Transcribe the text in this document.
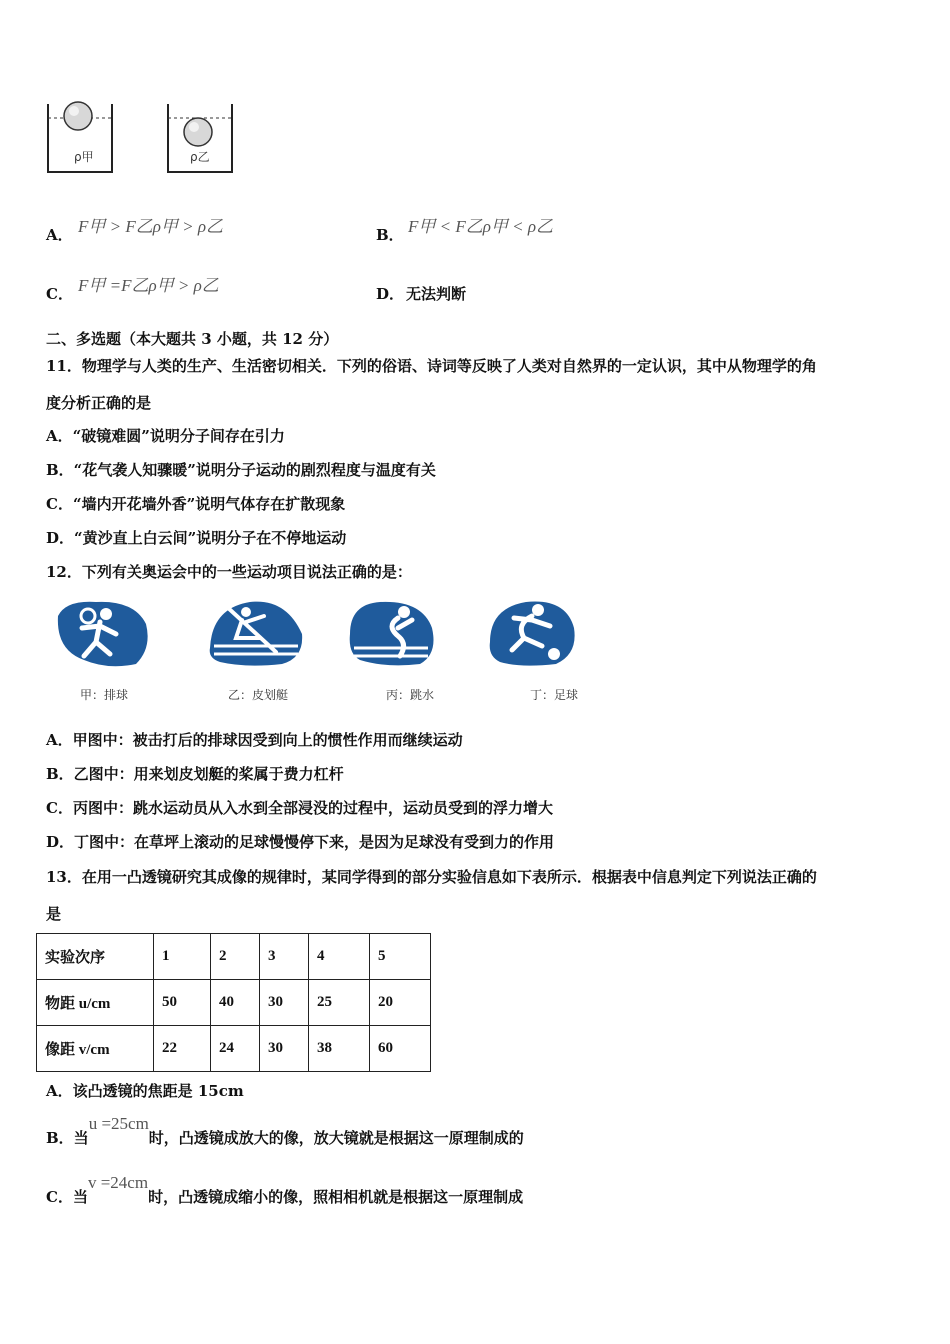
ρ甲	ρ乙
A． F甲 > F乙ρ甲 > ρ乙	B． F甲 < F乙ρ甲 < ρ乙
C． F甲 =F乙ρ甲 > ρ乙	D． 无法判断
二、多选题（本大题共 3 小题，共 12 分）
11．物理学与人类的生产、生活密切相关．下列的俗语、诗词等反映了人类对自然界的一定认识，其中从物理学的角
度分析正确的是
A．“破镜难圆”说明分子间存在引力
B．“花气袭人知骤暖”说明分子运动的剧烈程度与温度有关
C．“墙内开花墙外香”说明气体存在扩散现象
D．“黄沙直上白云间”说明分子在不停地运动
12．下列有关奥运会中的一些运动项目说法正确的是：
甲：排球	乙：皮划艇	丙：跳水	丁：足球
A．甲图中：被击打后的排球因受到向上的惯性作用而继续运动
B．乙图中：用来划皮划艇的桨属于费力杠杆
C．丙图中：跳水运动员从入水到全部浸没的过程中，运动员受到的浮力增大
D．丁图中：在草坪上滚动的足球慢慢停下来，是因为足球没有受到力的作用
13．在用一凸透镜研究其成像的规律时，某同学得到的部分实验信息如下表所示．根据表中信息判定下列说法正确的
是
实验次序	1	2	3	4	5
物距 u/cm	50	40	30	25	20
像距 v/cm	22	24	30	38	60
A．该凸透镜的焦距是 15cm
B．当u =25cm时，凸透镜成放大的像，放大镜就是根据这一原理制成的
C．当v =24cm时，凸透镜成缩小的像，照相相机就是根据这一原理制成
